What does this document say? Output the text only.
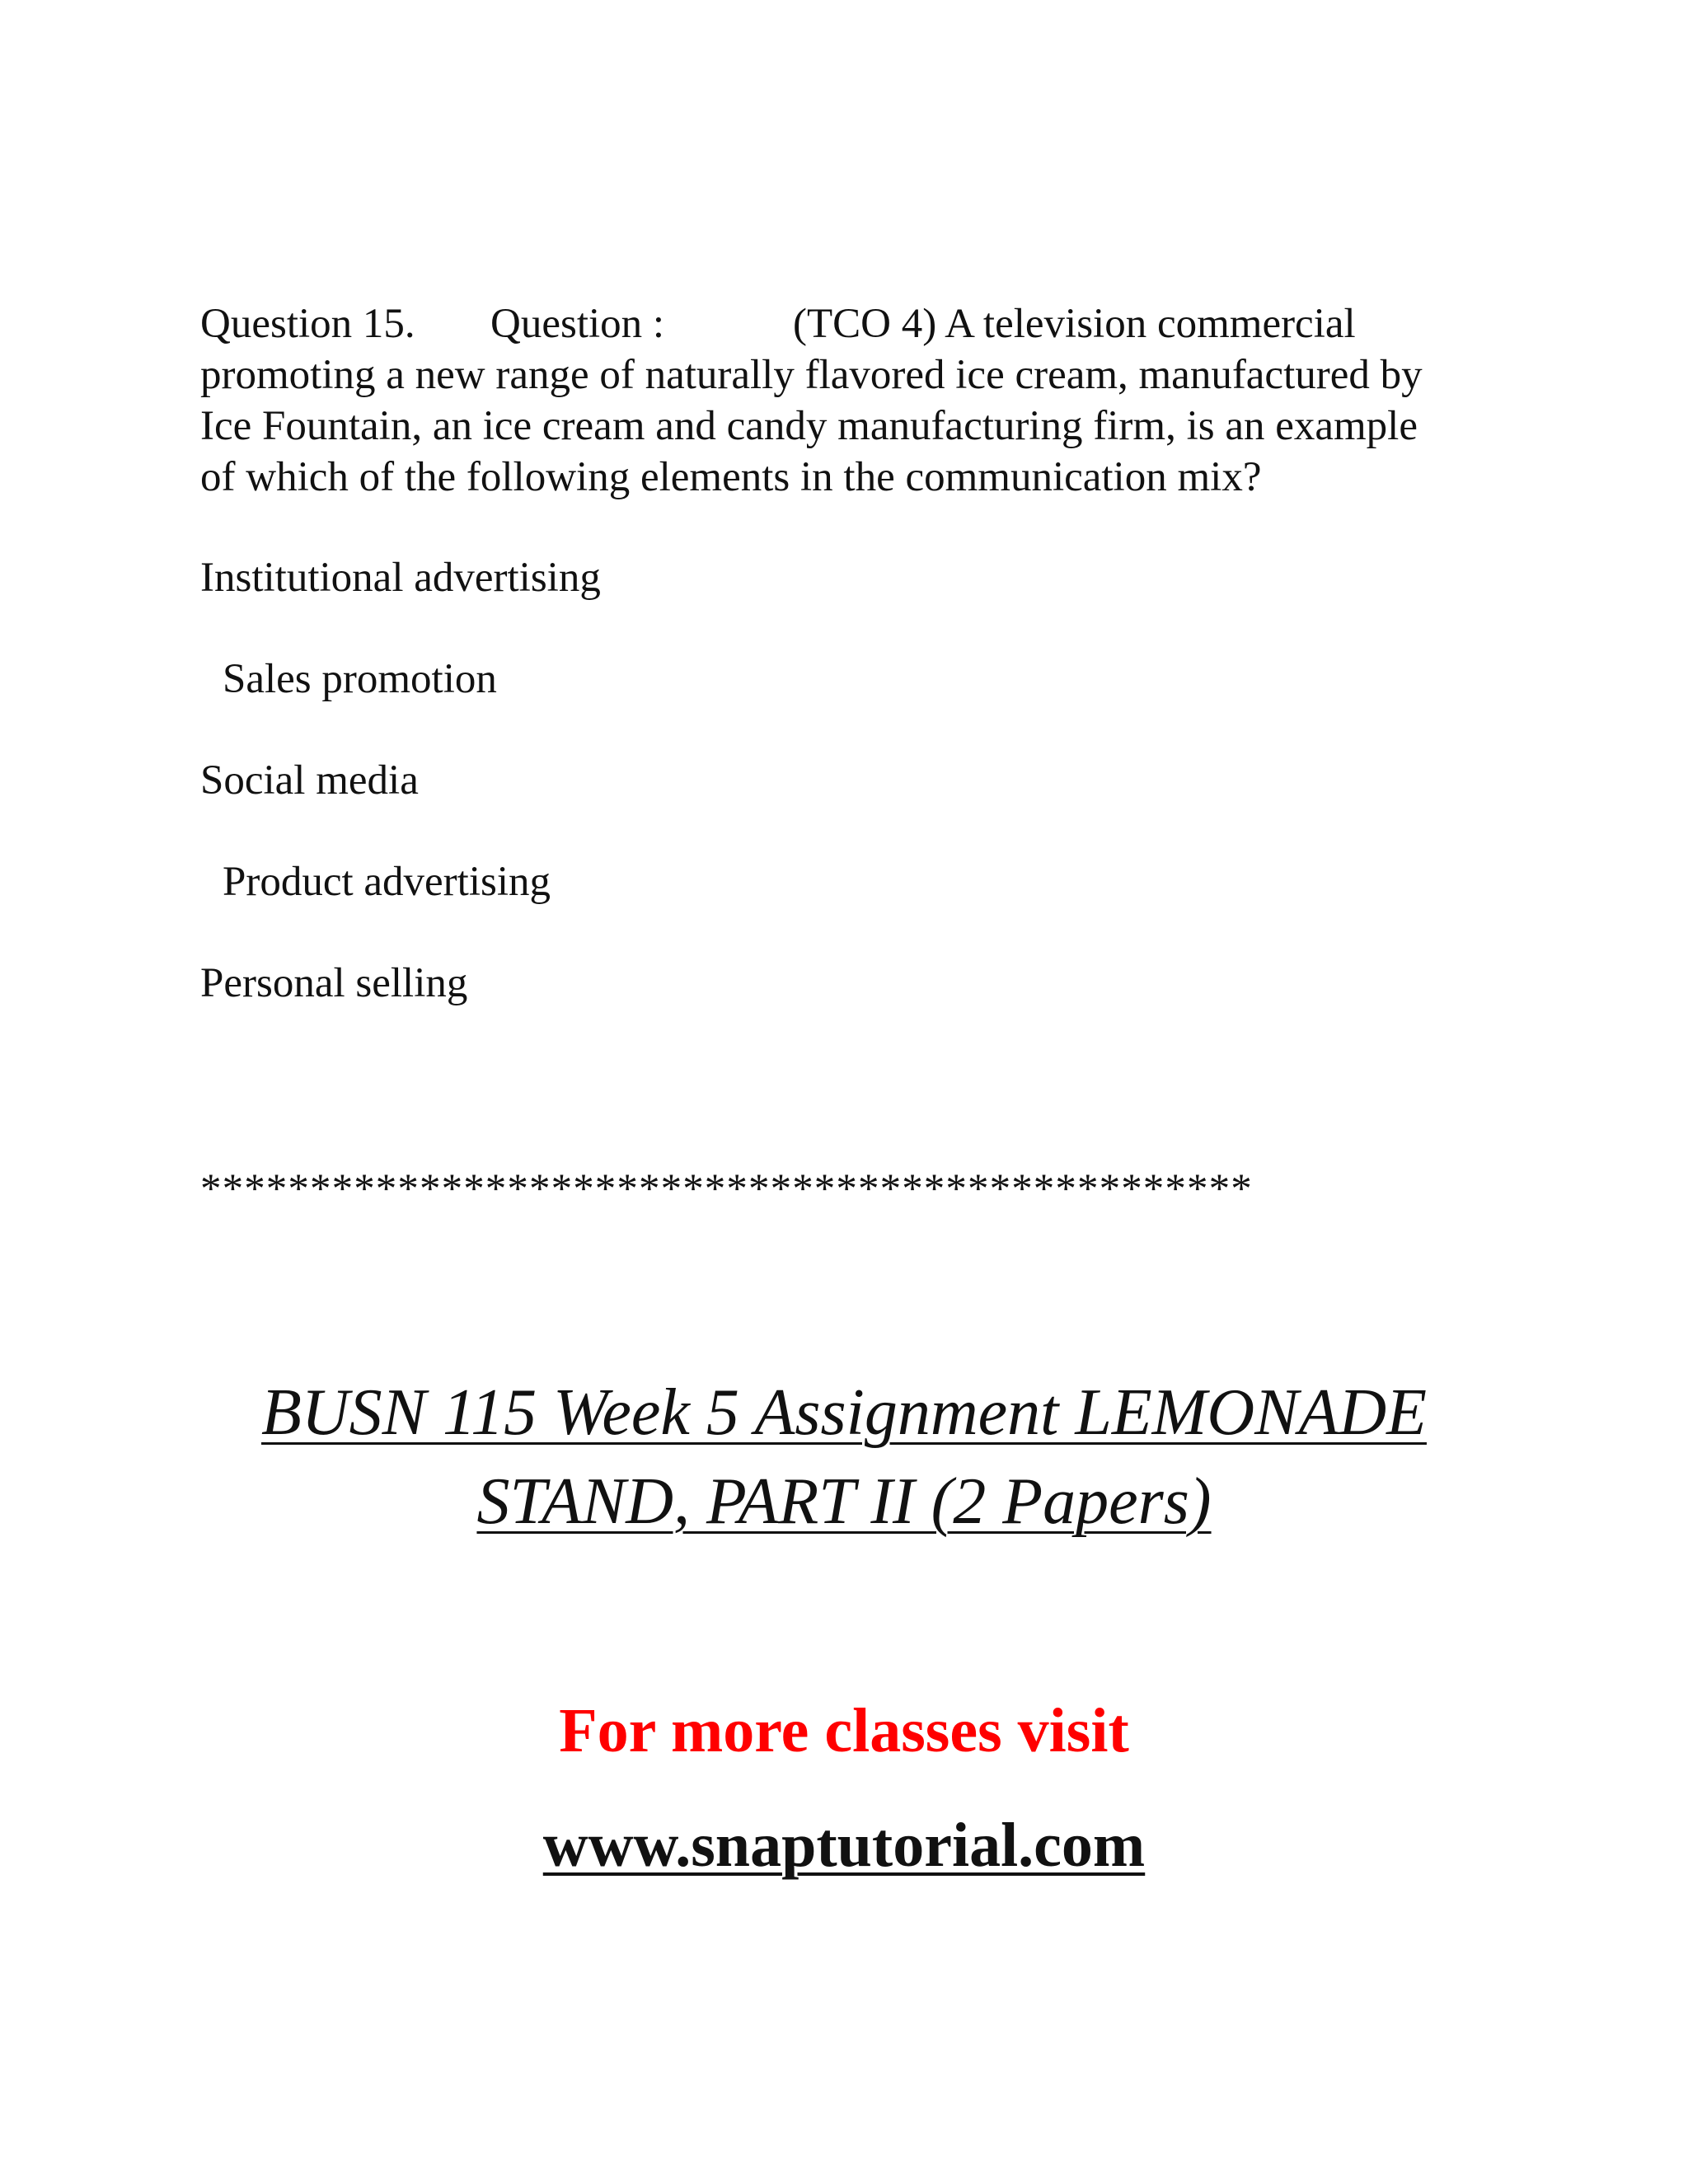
Question 15. Question :	(TCO 4) A television commercial
promoting a new range of naturally flavored ice cream, manufactured by
Ice Fountain, an ice cream and candy manufacturing firm, is an example
of which of the following elements in the communication mix?
Institutional advertising
Sales promotion
Social media
Product advertising
Personal selling
************************************************
BUSN 115 Week 5 Assignment LEMONADE
STAND, PART II (2 Papers)
For more classes visit
www.snaptutorial.com
